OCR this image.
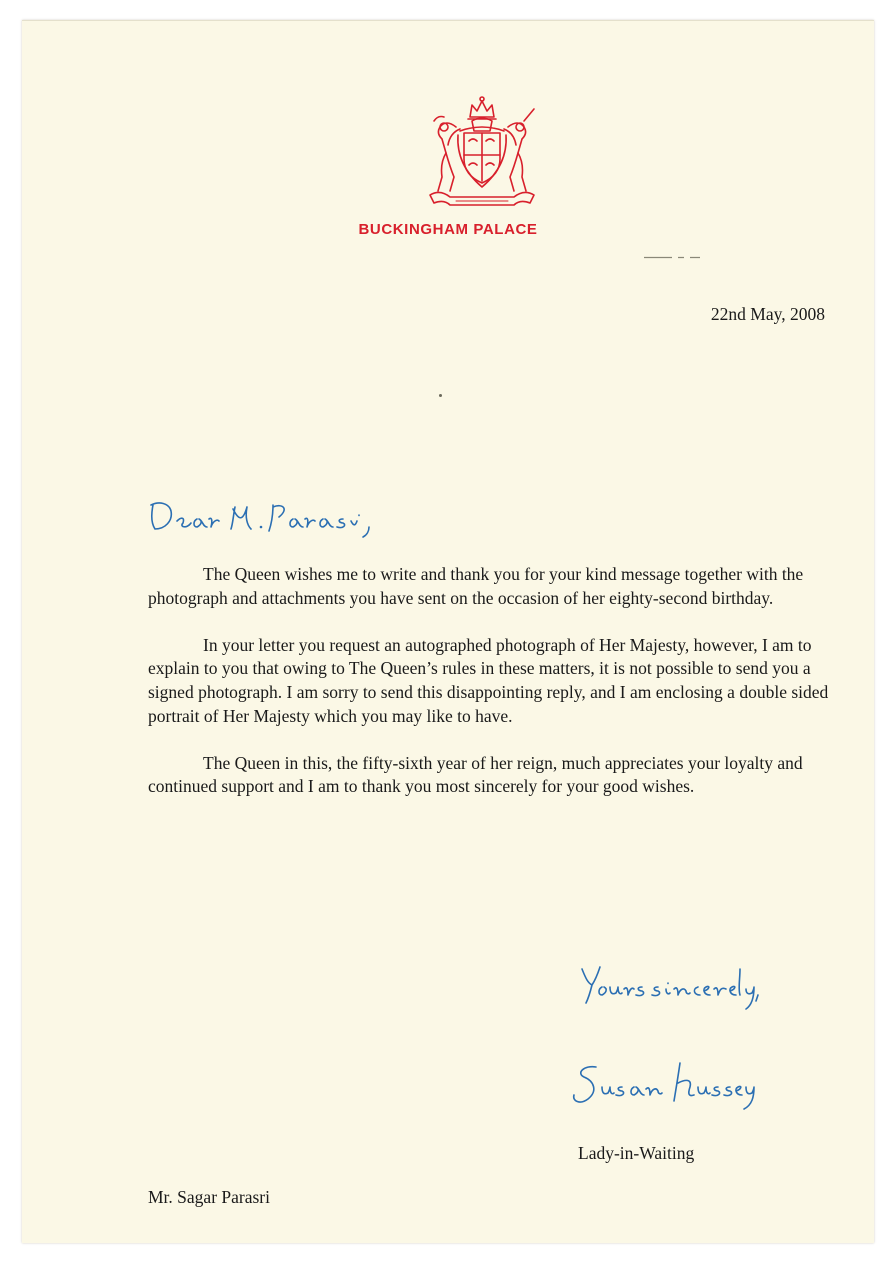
BUCKINGHAM PALACE
22nd May, 2008

The Queen wishes me to write and thank you for your kind message together with the photograph and attachments you have sent on the occasion of her eighty-second birthday.

In your letter you request an autographed photograph of Her Majesty, however, I am to explain to you that owing to The Queen’s rules in these matters, it is not possible to send you a signed photograph. I am sorry to send this disappointing reply, and I am enclosing a double sided portrait of Her Majesty which you may like to have.

The Queen in this, the fifty-sixth year of her reign, much appreciates your loyalty and continued support and I am to thank you most sincerely for your good wishes.

Lady-in-Waiting
Mr. Sagar Parasri
